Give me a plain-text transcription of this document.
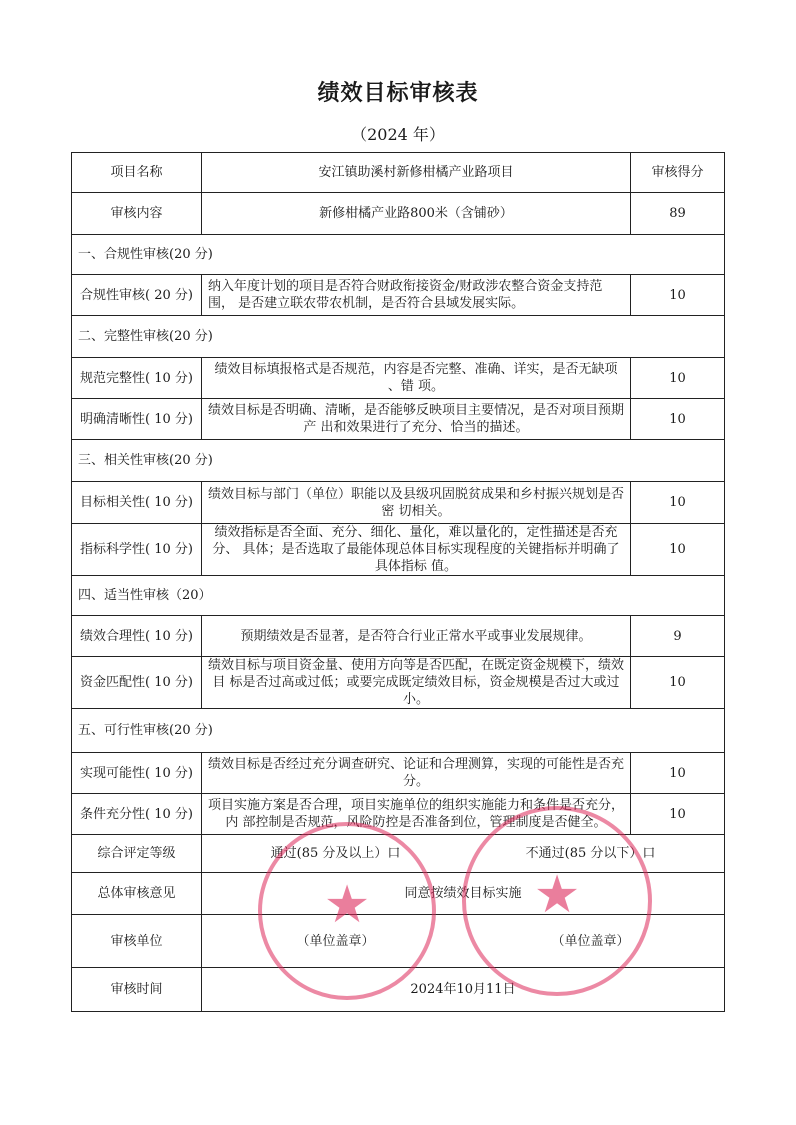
绩效目标审核表
（2024 年）
项目名称	安江镇助溪村新修柑橘产业路项目	审核得分
审核内容	新修柑橘产业路800米（含铺砂）	89
一、合规性审核(20 分)		
合规性审核( 20 分)	纳入年度计划的项目是否符合财政衔接资金/财政涉农整合资金支持范围， 是否建立联农带农机制，是否符合县域发展实际。	10
二、完整性审核(20 分)		
规范完整性( 10 分)	绩效目标填报格式是否规范，内容是否完整、准确、详实，是否无缺项 、错 项。	10
明确清晰性( 10 分)	绩效目标是否明确、清晰，是否能够反映项目主要情况，是否对项目预期产 出和效果进行了充分、恰当的描述。	10
三、相关性审核(20 分)		
目标相关性( 10 分)	绩效目标与部门（单位）职能以及县级巩固脱贫成果和乡村振兴规划是否密 切相关。	10
指标科学性( 10 分)	绩效指标是否全面、充分、细化、量化，难以量化的，定性描述是否充分、 具体；是否选取了最能体现总体目标实现程度的关键指标并明确了具体指标 值。	10
四、适当性审核（20）		
绩效合理性( 10 分)	预期绩效是否显著，是否符合行业正常水平或事业发展规律。	9
资金匹配性( 10 分)	绩效目标与项目资金量、使用方向等是否匹配，在既定资金规模下，绩效目 标是否过高或过低；或要完成既定绩效目标，资金规模是否过大或过小。	10
五、可行性审核(20 分)		
实现可能性( 10 分)	绩效目标是否经过充分调查研究、论证和合理测算，实现的可能性是否充分。	10
条件充分性( 10 分)	项目实施方案是否合理，项目实施单位的组织实施能力和条件是否充分，内 部控制是否规范，风险防控是否准备到位，管理制度是否健全。	10
综合评定等级	通过(85 分及以上）口 不通过(85 分以下）口	

总体审核意见	同意按绩效目标实施	
审核单位	（单位盖章） （单位盖章）	

审核时间	2024年10月11日	
★	★
